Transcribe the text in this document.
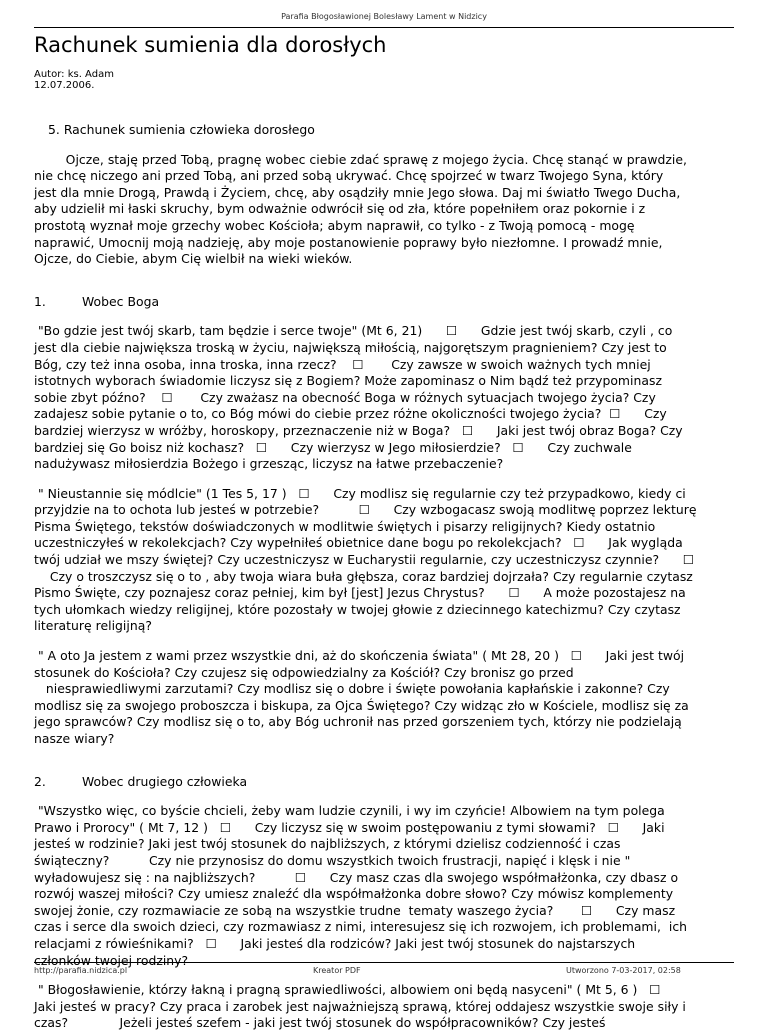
Parafia Błogosławionej Bolesławy Lament w Nidzicy
Rachunek sumienia dla dorosłych
Autor: ks. Adam
12.07.2006.

5. Rachunek sumienia człowieka dorosłego

Ojcze, staję przed Tobą, pragnę wobec ciebie zdać sprawę z mojego życia. Chcę stanąć w prawdzie,
nie chcę niczego ani przed Tobą, ani przed sobą ukrywać. Chcę spojrzeć w twarz Twojego Syna, który
jest dla mnie Drogą, Prawdą i Życiem, chcę, aby osądziły mnie Jego słowa. Daj mi światło Twego Ducha,
aby udzielił mi łaski skruchy, bym odważnie odwrócił się od zła, które popełniłem oraz pokornie i z
prostotą wyznał moje grzechy wobec Kościoła; abym naprawił, co tylko - z Twoją pomocą - mogę
naprawić, Umocnij moją nadzieję, aby moje postanowienie poprawy było niezłomne. I prowadź mnie,
Ojcze, do Ciebie, abym Cię wielbił na wieki wieków.
1.	Wobec Boga
"Bo gdzie jest twój skarb, tam będzie i serce twoje" (Mt 6, 21)      ☐      Gdzie jest twój skarb, czyli , co
jest dla ciebie największa troską w życiu, największą miłością, najgorętszym pragnieniem? Czy jest to
Bóg, czy też inna osoba, inna troska, inna rzecz?    ☐       Czy zawsze w swoich ważnych tych mniej
istotnych wyborach świadomie liczysz się z Bogiem? Może zapominasz o Nim bądź też przypominasz
sobie zbyt późno?    ☐       Czy zważasz na obecność Boga w różnych sytuacjach twojego życia? Czy
zadajesz sobie pytanie o to, co Bóg mówi do ciebie przez różne okoliczności twojego życia?  ☐      Czy
bardziej wierzysz w wróżby, horoskopy, przeznaczenie niż w Boga?   ☐      Jaki jest twój obraz Boga? Czy
bardziej się Go boisz niż kochasz?   ☐      Czy wierzysz w Jego miłosierdzie?   ☐      Czy zuchwale
nadużywasz miłosierdzia Bożego i grzesząc, liczysz na łatwe przebaczenie?
" Nieustannie się módlcie" (1 Tes 5, 17 )   ☐      Czy modlisz się regularnie czy też przypadkowo, kiedy ci
przyjdzie na to ochota lub jesteś w potrzebie?          ☐      Czy wzbogacasz swoją modlitwę poprzez lekturę
Pisma Świętego, tekstów doświadczonych w modlitwie świętych i pisarzy religijnych? Kiedy ostatnio
uczestniczyłeś w rekolekcjach? Czy wypełniłeś obietnice dane bogu po rekolekcjach?   ☐      Jak wygląda
twój udział we mszy świętej? Czy uczestniczysz w Eucharystii regularnie, czy uczestniczysz czynnie?      ☐
Czy o troszczysz się o to , aby twoja wiara buła głębsza, coraz bardziej dojrzała? Czy regularnie czytasz
Pismo Święte, czy poznajesz coraz pełniej, kim był [jest] Jezus Chrystus?      ☐      A może pozostajesz na
tych ułomkach wiedzy religijnej, które pozostały w twojej głowie z dziecinnego katechizmu? Czy czytasz
literaturę religijną?
" A oto Ja jestem z wami przez wszystkie dni, aż do skończenia świata" ( Mt 28, 20 )   ☐      Jaki jest twój
stosunek do Kościoła? Czy czujesz się odpowiedzialny za Kościół? Czy bronisz go przed
niesprawiedliwymi zarzutami? Czy modlisz się o dobre i święte powołania kapłańskie i zakonne? Czy
modlisz się za swojego proboszcza i biskupa, za Ojca Świętego? Czy widząc zło w Kościele, modlisz się za
jego sprawców? Czy modlisz się o to, aby Bóg uchronił nas przed gorszeniem tych, którzy nie podzielają
nasze wiary?
2.	Wobec drugiego człowieka
"Wszystko więc, co byście chcieli, żeby wam ludzie czynili, i wy im czyńcie! Albowiem na tym polega
Prawo i Prorocy" ( Mt 7, 12 )   ☐      Czy liczysz się w swoim postępowaniu z tymi słowami?   ☐      Jaki
jesteś w rodzinie? Jaki jest twój stosunek do najbliższych, z którymi dzielisz codzienność i czas
świąteczny?          Czy nie przynosisz do domu wszystkich twoich frustracji, napięć i klęsk i nie "
wyładowujesz się : na najbliższych?          ☐      Czy masz czas dla swojego współmałżonka, czy dbasz o
rozwój waszej miłości? Czy umiesz znaleźć dla współmałżonka dobre słowo? Czy mówisz komplementy
swojej żonie, czy rozmawiacie ze sobą na wszystkie trudne  tematy waszego życia?       ☐      Czy masz
czas i serce dla swoich dzieci, czy rozmawiasz z nimi, interesujesz się ich rozwojem, ich problemami,  ich
relacjami z rówieśnikami?   ☐      Jaki jesteś dla rodziców? Jaki jest twój stosunek do najstarszych
członków twojej rodziny?
" Błogosławienie, którzy łakną i pragną sprawiedliwości, albowiem oni będą nasyceni" ( Mt 5, 6 )   ☐
Jaki jesteś w pracy? Czy praca i zarobek jest najważniejszą sprawą, której oddajesz wszystkie swoje siły i
czas?             Jeżeli jesteś szefem - jaki jest twój stosunek do współpracowników? Czy jesteś
http://parafia.nidzica.pl	Kreator PDF	Utworzono 7-03-2017, 02:58
